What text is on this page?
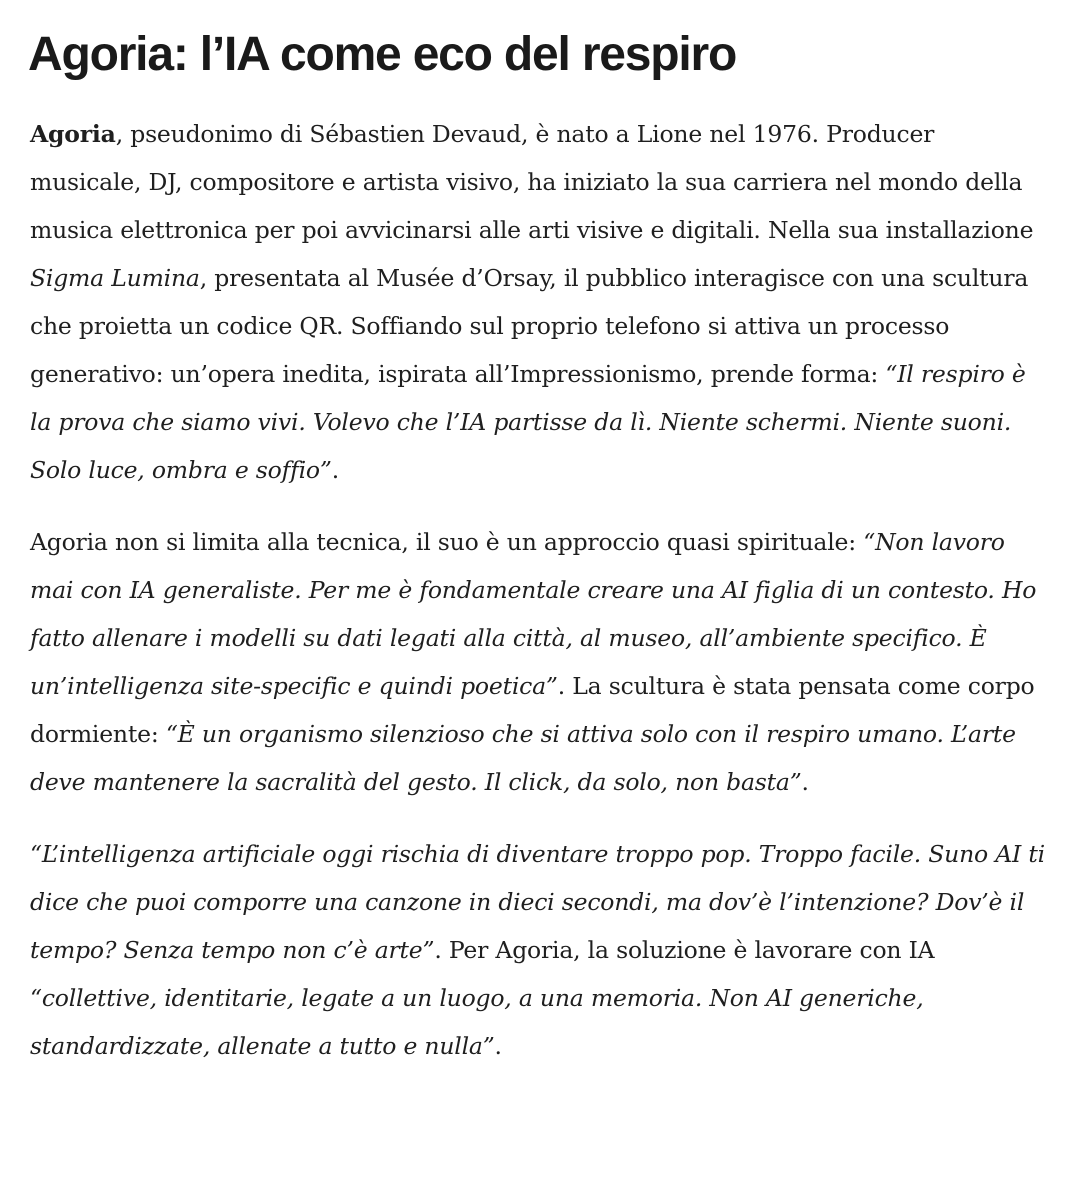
Agoria: l’IA come eco del respiro

Agoria, pseudonimo di Sébastien Devaud, è nato a Lione nel 1976. Producer musicale, DJ, compositore e artista visivo, ha iniziato la sua carriera nel mondo della musica elettronica per poi avvicinarsi alle arti visive e digitali. Nella sua installazione Sigma Lumina, presentata al Musée d’Orsay, il pubblico interagisce con una scultura che proietta un codice QR. Soffiando sul proprio telefono si attiva un processo generativo: un’opera inedita, ispirata all’Impressionismo, prende forma: “Il respiro è la prova che siamo vivi. Volevo che l’IA partisse da lì. Niente schermi. Niente suoni. Solo luce, ombra e soffio”.

Agoria non si limita alla tecnica, il suo è un approccio quasi spirituale: “Non lavoro mai con IA generaliste. Per me è fondamentale creare una AI figlia di un contesto. Ho fatto allenare i modelli su dati legati alla città, al museo, all’ambiente specifico. È un’intelligenza site-specific e quindi poetica”. La scultura è stata pensata come corpo dormiente: “È un organismo silenzioso che si attiva solo con il respiro umano. L’arte deve mantenere la sacralità del gesto. Il click, da solo, non basta”.

“L’intelligenza artificiale oggi rischia di diventare troppo pop. Troppo facile. Suno AI ti dice che puoi comporre una canzone in dieci secondi, ma dov’è l’intenzione? Dov’è il tempo? Senza tempo non c’è arte”. Per Agoria, la soluzione è lavorare con IA “collettive, identitarie, legate a un luogo, a una memoria. Non AI generiche, standardizzate, allenate a tutto e nulla”.
